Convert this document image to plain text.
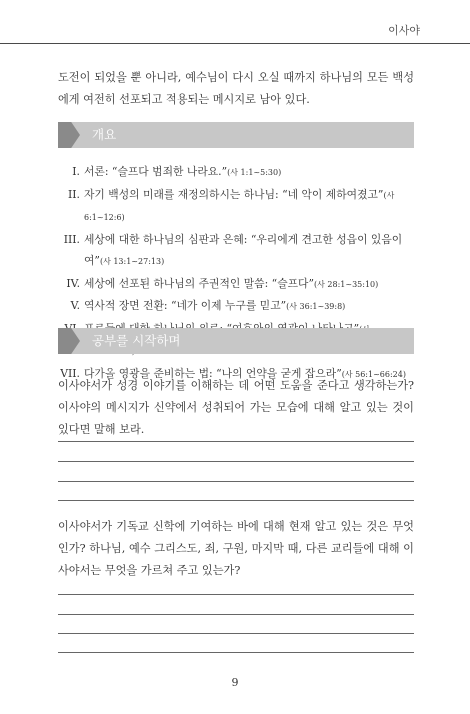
이사야

도전이 되었을 뿐 아니라, 예수님이 다시 오실 때까지 하나님의 모든 백성에게 여전히 선포되고 적용되는 메시지로 남아 있다.

개요
I. 서론: “슬프다 범죄한 나라요.”(사 1:1~5:30)
II. 자기 백성의 미래를 재정의하시는 하나님: “네 악이 제하여졌고”(사 6:1~12:6)
III. 세상에 대한 하나님의 심판과 은혜: “우리에게 견고한 성읍이 있음이여”(사 13:1~27:13)
IV. 세상에 선포된 하나님의 주권적인 말씀: “슬프다”(사 28:1~35:10)
V. 역사적 장면 전환: “네가 이제 누구를 믿고”(사 36:1~39:8)
VII. 다가올 영광을 준비하는 법: “나의 언약을 굳게 잡으라”(사 56:1~66:24)
공부를 시작하며

이사야서가 성경 이야기를 이해하는 데 어떤 도움을 준다고 생각하는가? 이사야의 메시지가 신약에서 성취되어 가는 모습에 대해 알고 있는 것이 있다면 말해 보라.

이사야서가 기독교 신학에 기여하는 바에 대해 현재 알고 있는 것은 무엇인가? 하나님, 예수 그리스도, 죄, 구원, 마지막 때, 다른 교리들에 대해 이사야서는 무엇을 가르쳐 주고 있는가?

9
